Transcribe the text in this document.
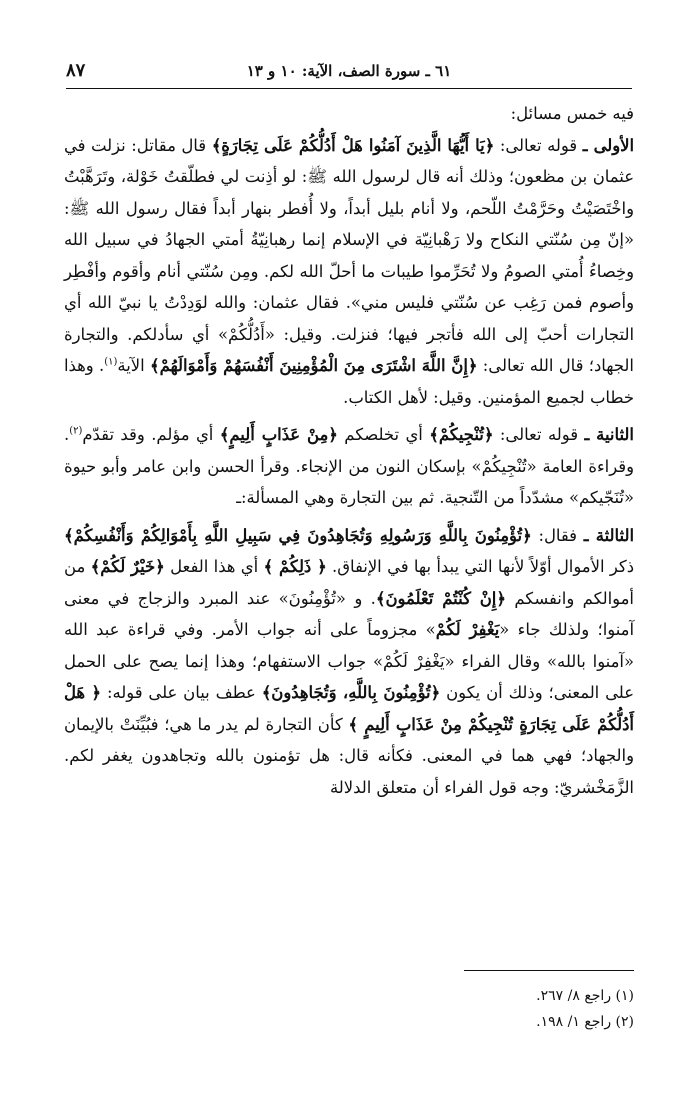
٨٧	٦١ ـ سورة الصف، الآية: ١٠ و ١٣

فيه خمس مسائل:

الأولى ـ قوله تعالى: ﴿يَا أَيُّهَا الَّذِينَ آمَنُوا هَلْ أَدُلُّكُمْ عَلَى تِجَارَةٍ﴾ قال مقاتل: نزلت في عثمان بن مظعون؛ وذلك أنه قال لرسول الله ﷺ: لو أذِنت لي فطلّقتُ خَوْلة، وتَرَهَّبْتُ واخْتَصَيْتُ وحَرَّمْتُ اللّحم، ولا أنام بليل أبداً، ولا أُفطر بنهار أبداً فقال رسول الله ﷺ: «إنّ مِن سُنّتي النكاح ولا رَهْبانِيّة في الإسلام إنما رهبانِيّةُ أمتي الجهادُ في سبيل الله وخِصاءُ أُمتي الصومُ ولا تُحَرِّموا طيبات ما أحلّ الله لكم. ومِن سُنّتي أنام وأقوم وأفْطِر وأصوم فمن رَغِب عن سُنّتي فليس مني». فقال عثمان: والله لوَدِدْتُ يا نبيّ الله أي التجارات أحبّ إلى الله فأتجر فيها؛ فنزلت. وقيل: «أَدُلُّكُمْ» أي سأدلكم. والتجارة الجهاد؛ قال الله تعالى: ﴿إِنَّ اللَّهَ اشْتَرَى مِنَ الْمُؤْمِنِينَ أَنْفُسَهُمْ وَأَمْوَالَهُمْ﴾ الآية$^{(١)}$. وهذا خطاب لجميع المؤمنين. وقيل: لأهل الكتاب.

الثانية ـ قوله تعالى: ﴿تُنْجِيكُمْ﴾ أي تخلصكم ﴿مِنْ عَذَابٍ أَلِيمٍ﴾ أي مؤلم. وقد تقدّم$^{(٢)}$. وقراءة العامة «تُنْجِيكُمْ» بإسكان النون من الإنجاء. وقرأ الحسن وابن عامر وأبو حيوة «تُنَجّيكم» مشدّداً من التّنجية. ثم بين التجارة وهي المسألة:ـ

الثالثة ـ فقال: ﴿تُؤْمِنُونَ بِاللَّهِ وَرَسُولِهِ وَتُجَاهِدُونَ فِي سَبِيلِ اللَّهِ بِأَمْوَالِكُمْ وَأَنْفُسِكُمْ﴾ ذكر الأموال أوّلاً لأنها التي يبدأ بها في الإنفاق. ﴿ ذَلِكُمْ ﴾ أي هذا الفعل ﴿خَيْرٌ لَكُمْ﴾ من أموالكم وانفسكم ﴿إِنْ كُنْتُمْ تَعْلَمُونَ﴾. و «تُؤْمِنُونَ» عند المبرد والزجاج في معنى آمنوا؛ ولذلك جاء «يَغْفِرْ لَكُمْ» مجزوماً على أنه جواب الأمر. وفي قراءة عبد الله «آمنوا بالله» وقال الفراء «يَغْفِرْ لَكُمْ» جواب الاستفهام؛ وهذا إنما يصح على الحمل على المعنى؛ وذلك أن يكون ﴿تُؤْمِنُونَ بِاللَّهِ، وَتُجَاهِدُونَ﴾ عطف بيان على قوله: ﴿ هَلْ أَدُلُّكُمْ عَلَى تِجَارَةٍ تُنْجِيكُمْ مِنْ عَذَابٍ أَلِيمٍ ﴾ كأن التجارة لم يدر ما هي؛ فبُيِّنَتْ بالإيمان والجهاد؛ فهي هما في المعنى. فكأنه قال: هل تؤمنون بالله وتجاهدون يغفر لكم. الزَّمَخْشريّ: وجه قول الفراء أن متعلق الدلالة

(١) راجع ٨/ ٢٦٧.
(٢) راجع ١/ ١٩٨.
